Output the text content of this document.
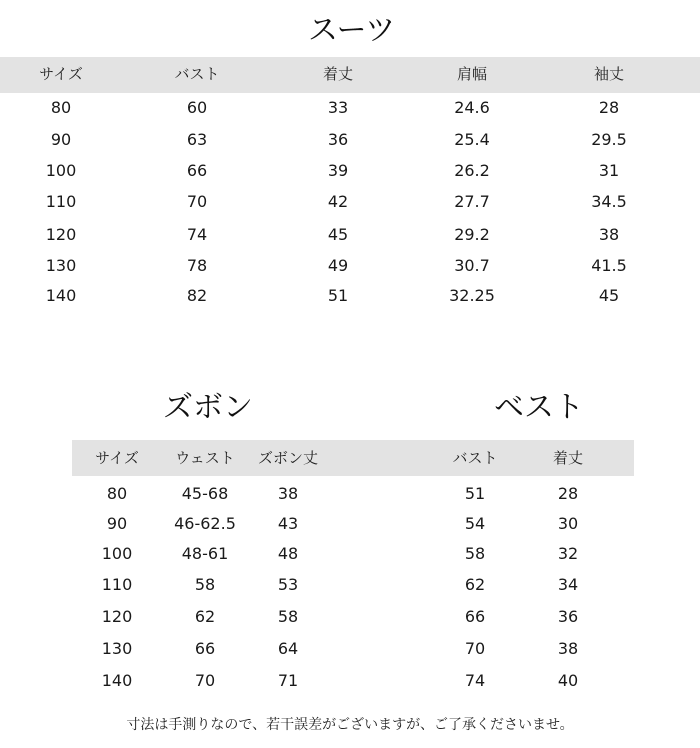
スーツ
サイズ	バスト	着丈	肩幅	袖丈
80	60	33	24.6	28
90	63	36	25.4	29.5
100	66	39	26.2	31
110	70	42	27.7	34.5
120	74	45	29.2	38
130	78	49	30.7	41.5
140	82	51	32.25	45
ズボン	ベスト
サイズ ウェスト ズボン丈
80	45-68	38
90	46-62.5	43
100	48-61	48
110	58	53
120	62	58
130	66	64
140	70	71
バスト	着丈
51	28
54	30
58	32
62	34
66	36
70	38
74	40
寸法は手測りなので、若干誤差がございますが、ご了承くださいませ。
